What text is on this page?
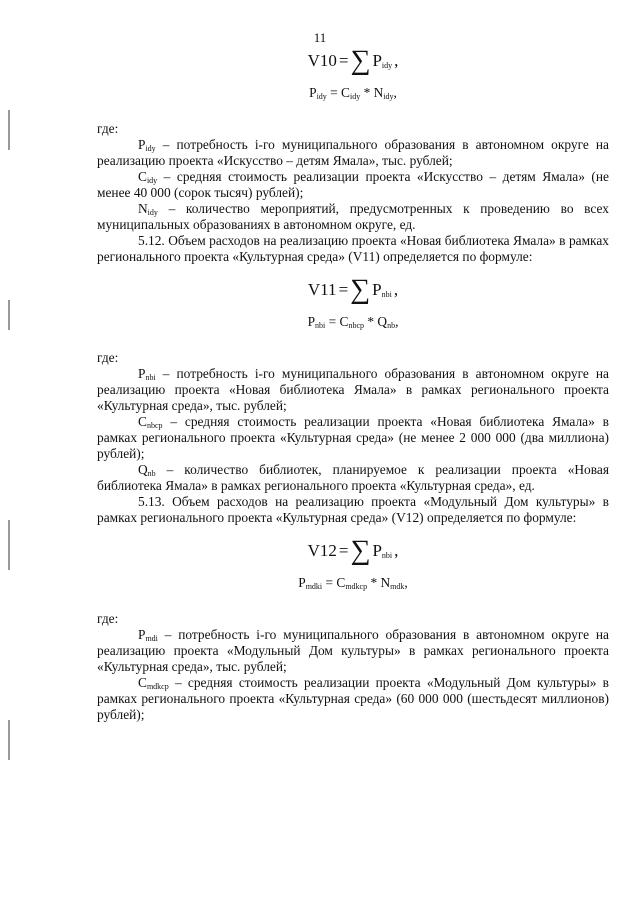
11
V10 = ∑ $P_{idy}$ ,
$P_{idy} = C_{idy} * N_{idy}$,

где:

$P_{idy}$ – потребность i-го муниципального образования в автономном округе на реализацию проекта «Искусство – детям Ямала», тыс. рублей;

$C_{idy}$ – средняя стоимость реализации проекта «Искусство – детям Ямала» (не менее 40 000 (сорок тысяч) рублей);

$N_{idy}$ – количество мероприятий, предусмотренных к проведению во всех муниципальных образованиях в автономном округе, ед.

5.12. Объем расходов на реализацию проекта «Новая библиотека Ямала» в рамках регионального проекта «Культурная среда» (V11) определяется по формуле:

V11 = ∑ $P_{nbi}$ ,
$P_{nbi} = C_{nbcp} * Q_{nb}$,

где:

$P_{nbi}$ – потребность i-го муниципального образования в автономном округе на реализацию проекта «Новая библиотека Ямала» в рамках регионального проекта «Культурная среда», тыс. рублей;

$C_{nbcp}$ – средняя стоимость реализации проекта «Новая библиотека Ямала» в рамках регионального проекта «Культурная среда» (не менее 2 000 000 (два миллиона) рублей);

$Q_{nb}$ – количество библиотек, планируемое к реализации проекта «Новая библиотека Ямала» в рамках регионального проекта «Культурная среда», ед.

5.13. Объем расходов на реализацию проекта «Модульный Дом культуры» в рамках регионального проекта «Культурная среда» (V12) определяется по формуле:

V12 = ∑ $P_{nbi}$ ,
$P_{mdki} = C_{mdkcp} * N_{mdk}$,

где:

$P_{mdi}$ – потребность i-го муниципального образования в автономном округе на реализацию проекта «Модульный Дом культуры» в рамках регионального проекта «Культурная среда», тыс. рублей;

$C_{mdkcp}$ – средняя стоимость реализации проекта «Модульный Дом культуры» в рамках регионального проекта «Культурная среда» (60 000 000 (шестьдесят миллионов) рублей);
